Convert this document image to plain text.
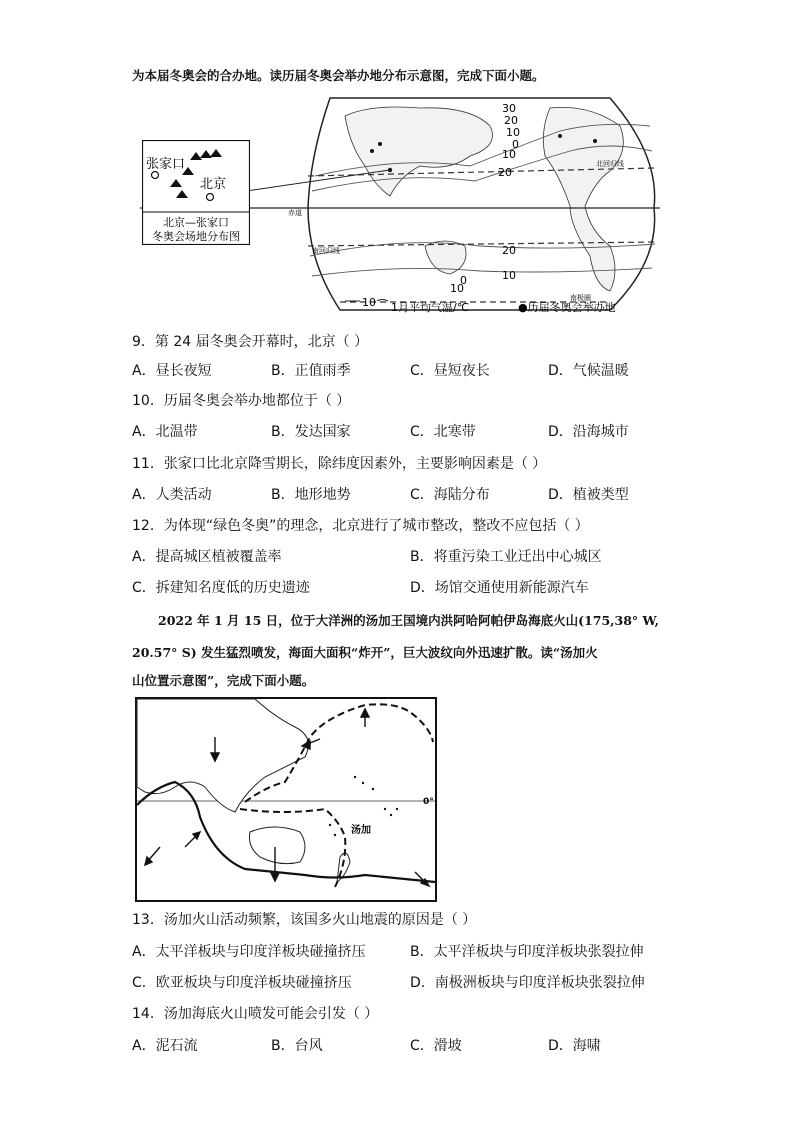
为本届冬奥会的合办地。读历届冬奥会举办地分布示意图，完成下面小题。
30
20
10
0
10
20
20
10
0
10
北回归线
赤道
南回归线
南极圈
10 1月平均气温/℃	●历届冬奥会举办地
张家口
北京
北京—张家口
冬奥会场地分布图
9．第 24 届冬奥会开幕时，北京（ ）
A．昼长夜短	B．正值雨季	C．昼短夜长	D．气候温暖
10．历届冬奥会举办地都位于（ ）
A．北温带	B．发达国家	C．北寒带	D．沿海城市
11．张家口比北京降雪期长，除纬度因素外，主要影响因素是（ ）
A．人类活动	B．地形地势	C．海陆分布	D．植被类型
12．为体现“绿色冬奥”的理念，北京进行了城市整改，整改不应包括（ ）
A．提高城区植被覆盖率	B．将重污染工业迁出中心城区
C．拆建知名度低的历史遗迹	D．场馆交通使用新能源汽车
2022 年 1 月 15 日，位于大洋洲的汤加王国境内洪阿哈阿帕伊岛海底火山(175,38° W,
20.57° S) 发生猛烈喷发，海面大面积“炸开”，巨大波纹向外迅速扩散。读“汤加火
山位置示意图”，完成下面小题。
0°
汤加
13．汤加火山活动频繁，该国多火山地震的原因是（ ）
A．太平洋板块与印度洋板块碰撞挤压	B．太平洋板块与印度洋板块张裂拉伸
C．欧亚板块与印度洋板块碰撞挤压	D．南极洲板块与印度洋板块张裂拉伸
14．汤加海底火山喷发可能会引发（ ）
A．泥石流	B．台风	C．滑坡	D．海啸
